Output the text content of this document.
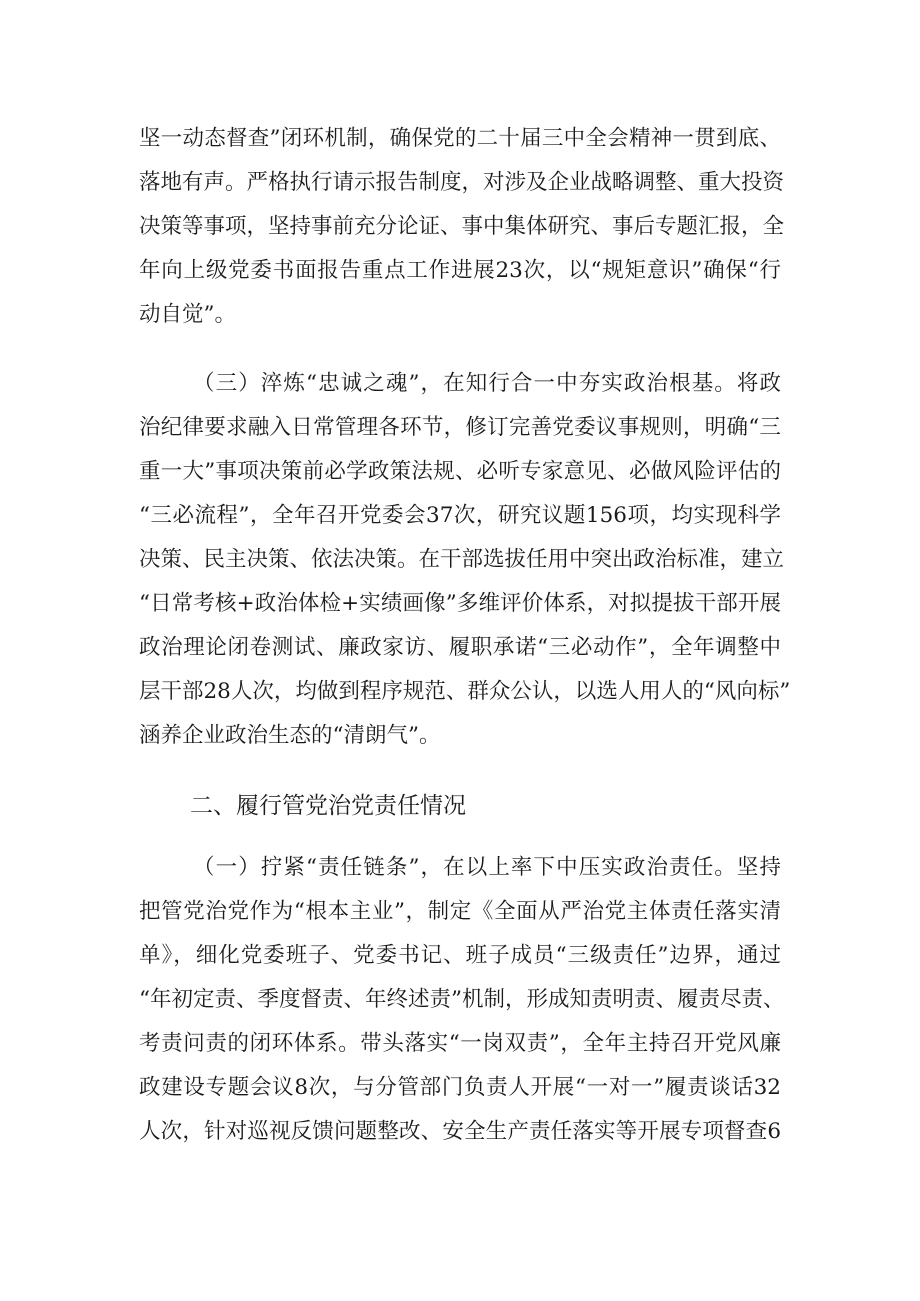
坚一动态督查”闭环机制，确保党的二十届三中全会精神一贯到底、
落地有声。严格执行请示报告制度，对涉及企业战略调整、重大投资
决策等事项，坚持事前充分论证、事中集体研究、事后专题汇报，全
年向上级党委书面报告重点工作进展23次，以“规矩意识”确保“行
动自觉”。
（三）淬炼“忠诚之魂”，在知行合一中夯实政治根基。将政
治纪律要求融入日常管理各环节，修订完善党委议事规则，明确“三
重一大”事项决策前必学政策法规、必听专家意见、必做风险评估的
“三必流程”，全年召开党委会37次，研究议题156项，均实现科学
决策、民主决策、依法决策。在干部选拔任用中突出政治标准，建立
“日常考核+政治体检+实绩画像”多维评价体系，对拟提拔干部开展
政治理论闭卷测试、廉政家访、履职承诺“三必动作”，全年调整中
层干部28人次，均做到程序规范、群众公认，以选人用人的“风向标”
涵养企业政治生态的“清朗气”。
二、履行管党治党责任情况
（一）拧紧“责任链条”，在以上率下中压实政治责任。坚持
把管党治党作为“根本主业”，制定《全面从严治党主体责任落实清
单》，细化党委班子、党委书记、班子成员“三级责任”边界，通过
“年初定责、季度督责、年终述责”机制，形成知责明责、履责尽责、
考责问责的闭环体系。带头落实“一岗双责”，全年主持召开党风廉
政建设专题会议8次，与分管部门负责人开展“一对一”履责谈话32
人次，针对巡视反馈问题整改、安全生产责任落实等开展专项督查6
